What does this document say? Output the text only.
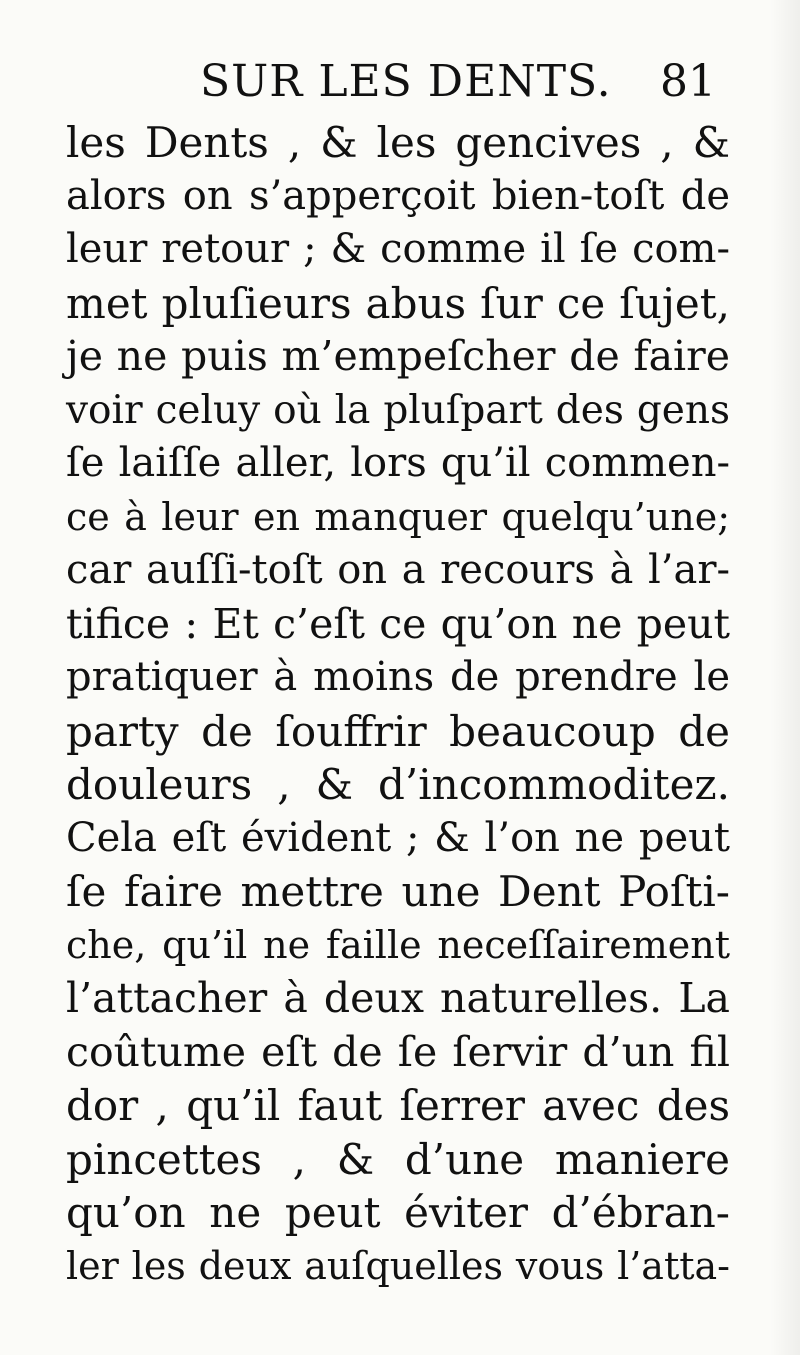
SUR LES DENTS. 81
les Dents , & les gencives , &
alors on s’apperçoit bien-toſt de
leur retour ; & comme il ſe com-
met pluſieurs abus ſur ce ſujet,
je ne puis m’empeſcher de faire
voir celuy où la pluſpart des gens
ſe laiſſe aller, lors qu’il commen-
ce à leur en manquer quelqu’une;
car auſſi-toſt on a recours à l’ar-
tifice : Et c’eſt ce qu’on ne peut
pratiquer à moins de prendre le
party de ſouffrir beaucoup de
douleurs , & d’incommoditez.
Cela eſt évident ; & l’on ne peut
ſe faire mettre une Dent Poſti-
che, qu’il ne faille neceſſairement
l’attacher à deux naturelles. La
coûtume eſt de ſe ſervir d’un fil
dor , qu’il faut ſerrer avec des
pincettes , & d’une maniere
qu’on ne peut éviter d’ébran-
ler les deux auſquelles vous l’atta-
